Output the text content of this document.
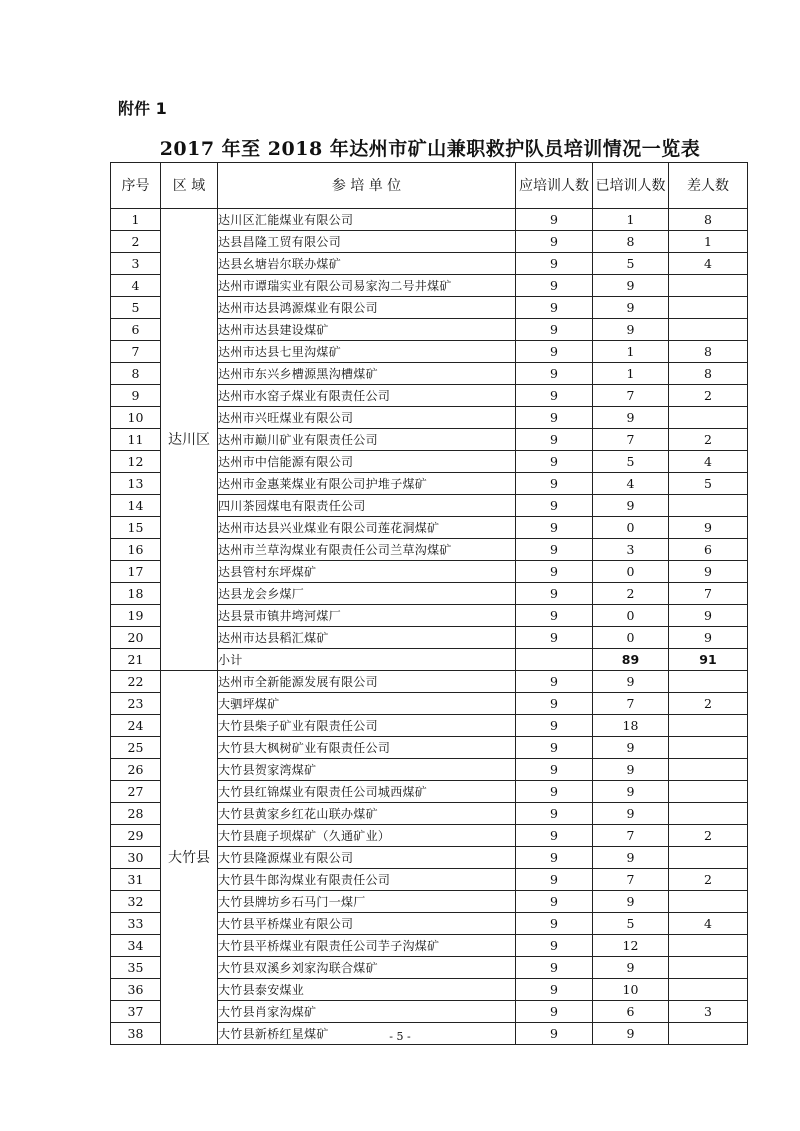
附件 1
2017 年至 2018 年达州市矿山兼职救护队员培训情况一览表
序号	区 域	参 培 单 位	应培训人数	已培训人数	差人数
1	达川区	达川区汇能煤业有限公司	9	1	8
2		达县昌隆工贸有限公司	9	8	1
3		达县幺塘岩尔联办煤矿	9	5	4
4		达州市谭瑞实业有限公司易家沟二号井煤矿	9	9	
5		达州市达县鸿源煤业有限公司	9	9	
6		达州市达县建设煤矿	9	9	
7		达州市达县七里沟煤矿	9	1	8
8		达州市东兴乡槽源黑沟槽煤矿	9	1	8
9		达州市水窑子煤业有限责任公司	9	7	2
10		达州市兴旺煤业有限公司	9	9	
11		达州市巅川矿业有限责任公司	9	7	2
12		达州市中信能源有限公司	9	5	4
13		达州市金惠莱煤业有限公司护堆子煤矿	9	4	5
14		四川茶园煤电有限责任公司	9	9	
15		达州市达县兴业煤业有限公司莲花洞煤矿	9	0	9
16		达州市兰草沟煤业有限责任公司兰草沟煤矿	9	3	6
17		达县管村东坪煤矿	9	0	9
18		达县龙会乡煤厂	9	2	7
19		达县景市镇井塆河煤厂	9	0	9
20		达州市达县稻汇煤矿	9	0	9
21		小计		89	91
22	大竹县	达州市全新能源发展有限公司	9	9	
23		大驷坪煤矿	9	7	2
24		大竹县柴子矿业有限责任公司	9	18	
25		大竹县大枫树矿业有限责任公司	9	9	
26		大竹县贺家湾煤矿	9	9	
27		大竹县红锦煤业有限责任公司城西煤矿	9	9	
28		大竹县黄家乡红花山联办煤矿	9	9	
29		大竹县鹿子坝煤矿（久通矿业）	9	7	2
30		大竹县隆源煤业有限公司	9	9	
31		大竹县牛郎沟煤业有限责任公司	9	7	2
32		大竹县牌坊乡石马门一煤厂	9	9	
33		大竹县平桥煤业有限公司	9	5	4
34		大竹县平桥煤业有限责任公司芋子沟煤矿	9	12	
35		大竹县双溪乡刘家沟联合煤矿	9	9	
36		大竹县泰安煤业	9	10	
37		大竹县肖家沟煤矿	9	6	3
38		大竹县新桥红星煤矿	9	9	
- 5 -
